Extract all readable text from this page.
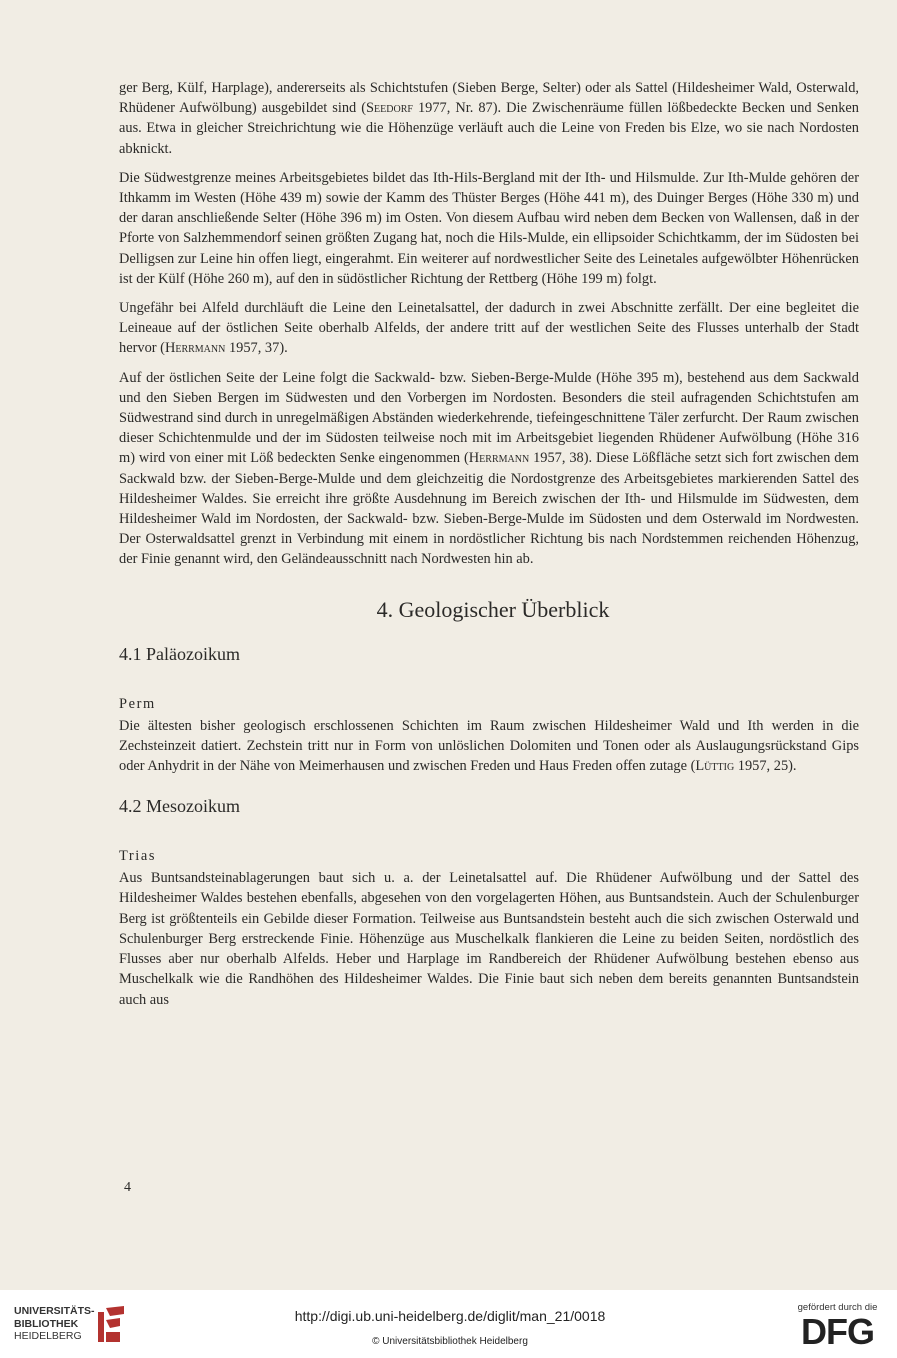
ger Berg, Külf, Harplage), andererseits als Schichtstufen (Sieben Berge, Selter) oder als Sattel (Hildesheimer Wald, Osterwald, Rhüdener Aufwölbung) ausgebildet sind (Seedorf 1977, Nr. 87). Die Zwischenräume füllen lößbedeckte Becken und Senken aus. Etwa in gleicher Streichrichtung wie die Höhenzüge verläuft auch die Leine von Freden bis Elze, wo sie nach Nordosten abknickt.

Die Südwestgrenze meines Arbeitsgebietes bildet das Ith-Hils-Bergland mit der Ith- und Hilsmulde. Zur Ith-Mulde gehören der Ithkamm im Westen (Höhe 439 m) sowie der Kamm des Thüster Berges (Höhe 441 m), des Duinger Berges (Höhe 330 m) und der daran anschließende Selter (Höhe 396 m) im Osten. Von diesem Aufbau wird neben dem Becken von Wallensen, daß in der Pforte von Salzhemmendorf seinen größten Zugang hat, noch die Hils-Mulde, ein ellipsoider Schichtkamm, der im Südosten bei Delligsen zur Leine hin offen liegt, eingerahmt. Ein weiterer auf nordwestlicher Seite des Leinetales aufgewölbter Höhenrücken ist der Külf (Höhe 260 m), auf den in südöstlicher Richtung der Rettberg (Höhe 199 m) folgt.

Ungefähr bei Alfeld durchläuft die Leine den Leinetalsattel, der dadurch in zwei Abschnitte zerfällt. Der eine begleitet die Leineaue auf der östlichen Seite oberhalb Alfelds, der andere tritt auf der westlichen Seite des Flusses unterhalb der Stadt hervor (Herrmann 1957, 37).

Auf der östlichen Seite der Leine folgt die Sackwald- bzw. Sieben-Berge-Mulde (Höhe 395 m), bestehend aus dem Sackwald und den Sieben Bergen im Südwesten und den Vorbergen im Nordosten. Besonders die steil aufragenden Schichtstufen am Südwestrand sind durch in unregelmäßigen Abständen wiederkehrende, tiefeingeschnittene Täler zerfurcht. Der Raum zwischen dieser Schichtenmulde und der im Südosten teilweise noch mit im Arbeitsgebiet liegenden Rhüdener Aufwölbung (Höhe 316 m) wird von einer mit Löß bedeckten Senke eingenommen (Herrmann 1957, 38). Diese Lößfläche setzt sich fort zwischen dem Sackwald bzw. der Sieben-Berge-Mulde und dem gleichzeitig die Nordostgrenze des Arbeitsgebietes markierenden Sattel des Hildesheimer Waldes. Sie erreicht ihre größte Ausdehnung im Bereich zwischen der Ith- und Hilsmulde im Südwesten, dem Hildesheimer Wald im Nordosten, der Sackwald- bzw. Sieben-Berge-Mulde im Südosten und dem Osterwald im Nordwesten. Der Osterwaldsattel grenzt in Verbindung mit einem in nordöstlicher Richtung bis nach Nordstemmen reichenden Höhenzug, der Finie genannt wird, den Geländeausschnitt nach Nordwesten hin ab.

4. Geologischer Überblick
4.1 Paläozoikum
Perm

Die ältesten bisher geologisch erschlossenen Schichten im Raum zwischen Hildesheimer Wald und Ith werden in die Zechsteinzeit datiert. Zechstein tritt nur in Form von unlöslichen Dolomiten und Tonen oder als Auslaugungsrückstand Gips oder Anhydrit in der Nähe von Meimerhausen und zwischen Freden und Haus Freden offen zutage (Lüttig 1957, 25).

4.2 Mesozoikum
Trias

Aus Buntsandsteinablagerungen baut sich u. a. der Leinetalsattel auf. Die Rhüdener Aufwölbung und der Sattel des Hildesheimer Waldes bestehen ebenfalls, abgesehen von den vorgelagerten Höhen, aus Buntsandstein. Auch der Schulenburger Berg ist größtenteils ein Gebilde dieser Formation. Teilweise aus Buntsandstein besteht auch die sich zwischen Osterwald und Schulenburger Berg erstreckende Finie. Höhenzüge aus Muschelkalk flankieren die Leine zu beiden Seiten, nordöstlich des Flusses aber nur oberhalb Alfelds. Heber und Harplage im Randbereich der Rhüdener Aufwölbung bestehen ebenso aus Muschelkalk wie die Randhöhen des Hildesheimer Waldes. Die Finie baut sich neben dem bereits genannten Buntsandstein auch aus

4
UNIVERSITÄTS-
BIBLIOTHEK
HEIDELBERG
http://digi.ub.uni-heidelberg.de/diglit/man_21/0018
© Universitätsbibliothek Heidelberg
gefördert durch die
DFG
